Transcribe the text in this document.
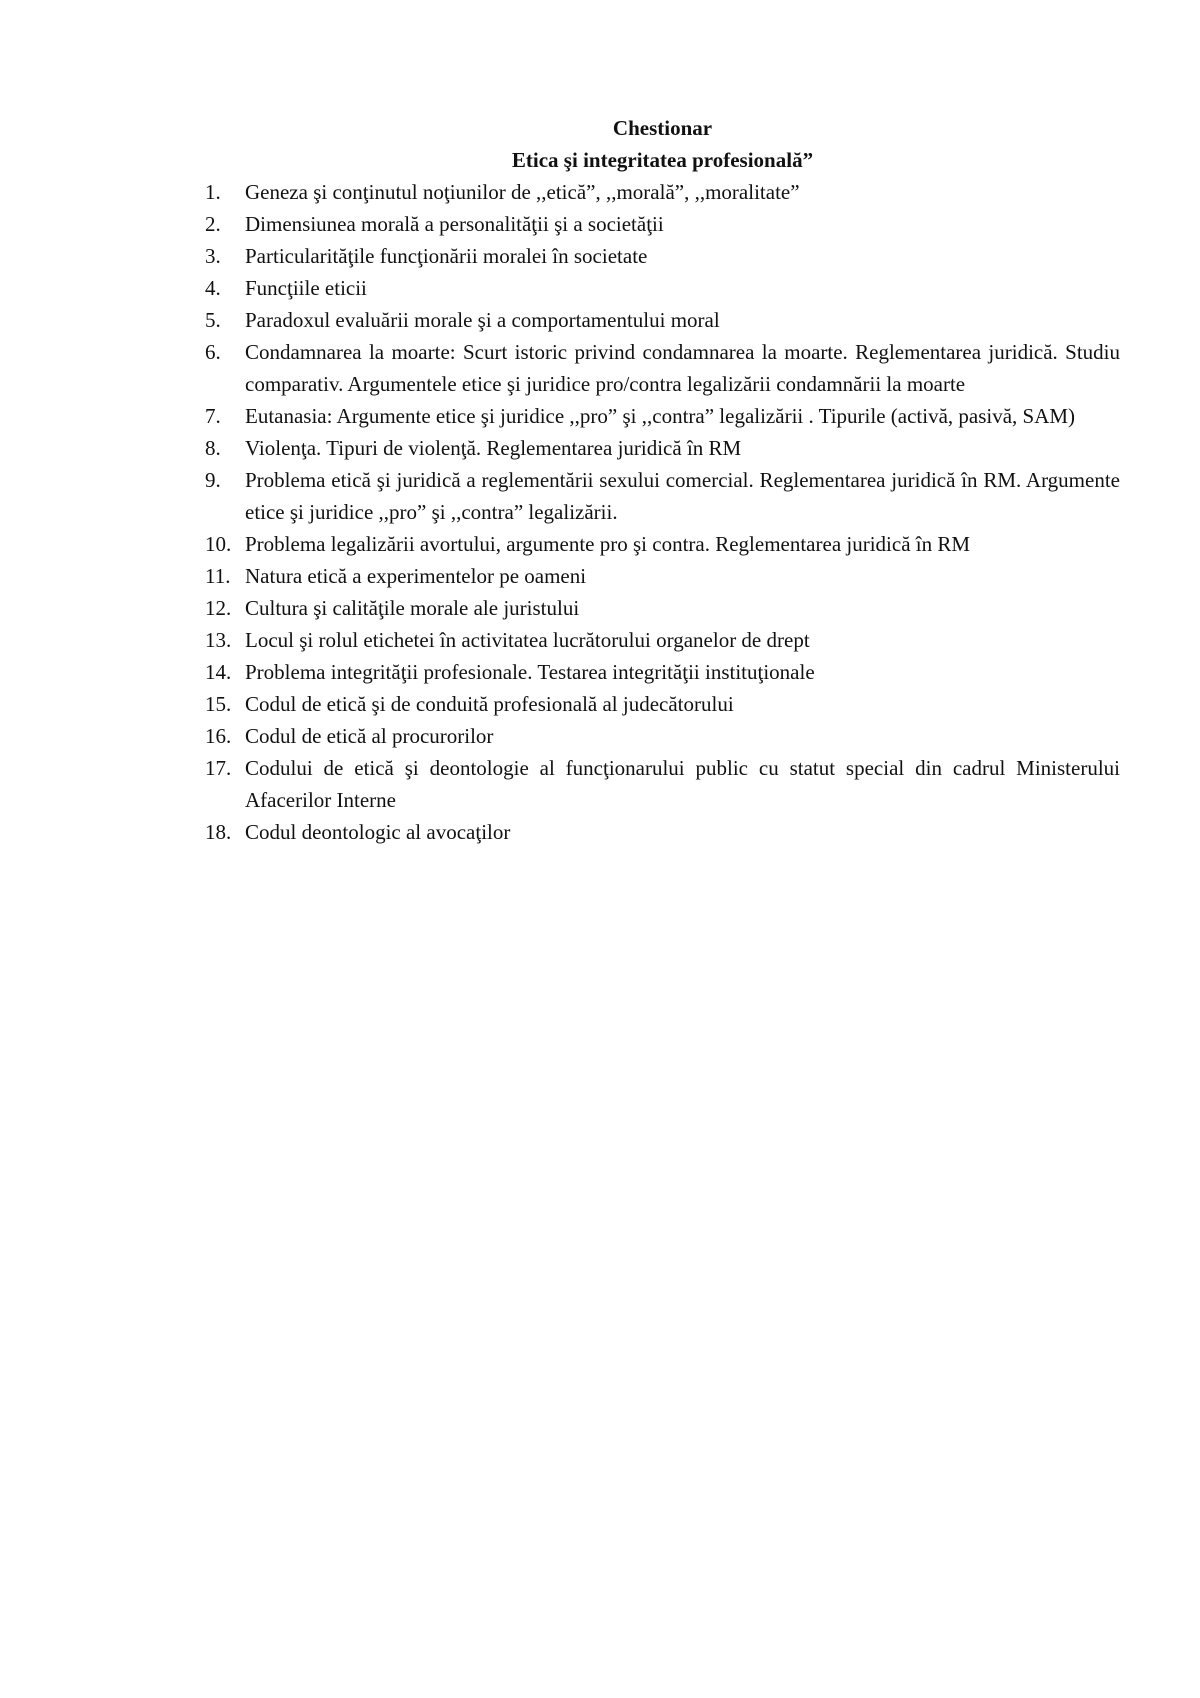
Chestionar
Etica şi integritatea profesională”
1. Geneza şi conţinutul noţiunilor de ,,etică”, ,,morală”, ,,moralitate”
2. Dimensiunea morală a personalităţii şi a societăţii
3. Particularităţile funcţionării moralei în societate
4. Funcţiile eticii
5. Paradoxul evaluării morale şi a comportamentului moral
6. Condamnarea la moarte: Scurt istoric privind condamnarea la moarte. Reglementarea juridică. Studiu comparativ. Argumentele etice şi juridice pro/contra legalizării condamnării la moarte
7. Eutanasia: Argumente etice şi juridice ,,pro” şi ,,contra” legalizării . Tipurile (activă, pasivă, SAM)
8. Violenţa. Tipuri de violenţă. Reglementarea juridică în RM
9. Problema etică şi juridică a reglementării sexului comercial. Reglementarea juridică în RM. Argumente etice şi juridice ,,pro” şi ,,contra” legalizării.
10. Problema legalizării avortului, argumente pro şi contra. Reglementarea juridică în RM
11. Natura etică a experimentelor pe oameni
12. Cultura şi calităţile morale ale juristului
13. Locul şi rolul etichetei în activitatea lucrătorului organelor de drept
14. Problema integrităţii profesionale. Testarea integrităţii instituţionale
15. Codul de etică şi de conduită profesională al judecătorului
16. Codul de etică al procurorilor
17. Codului de etică şi deontologie al funcţionarului public cu statut special din cadrul Ministerului Afacerilor Interne
18. Codul deontologic al avocaţilor
